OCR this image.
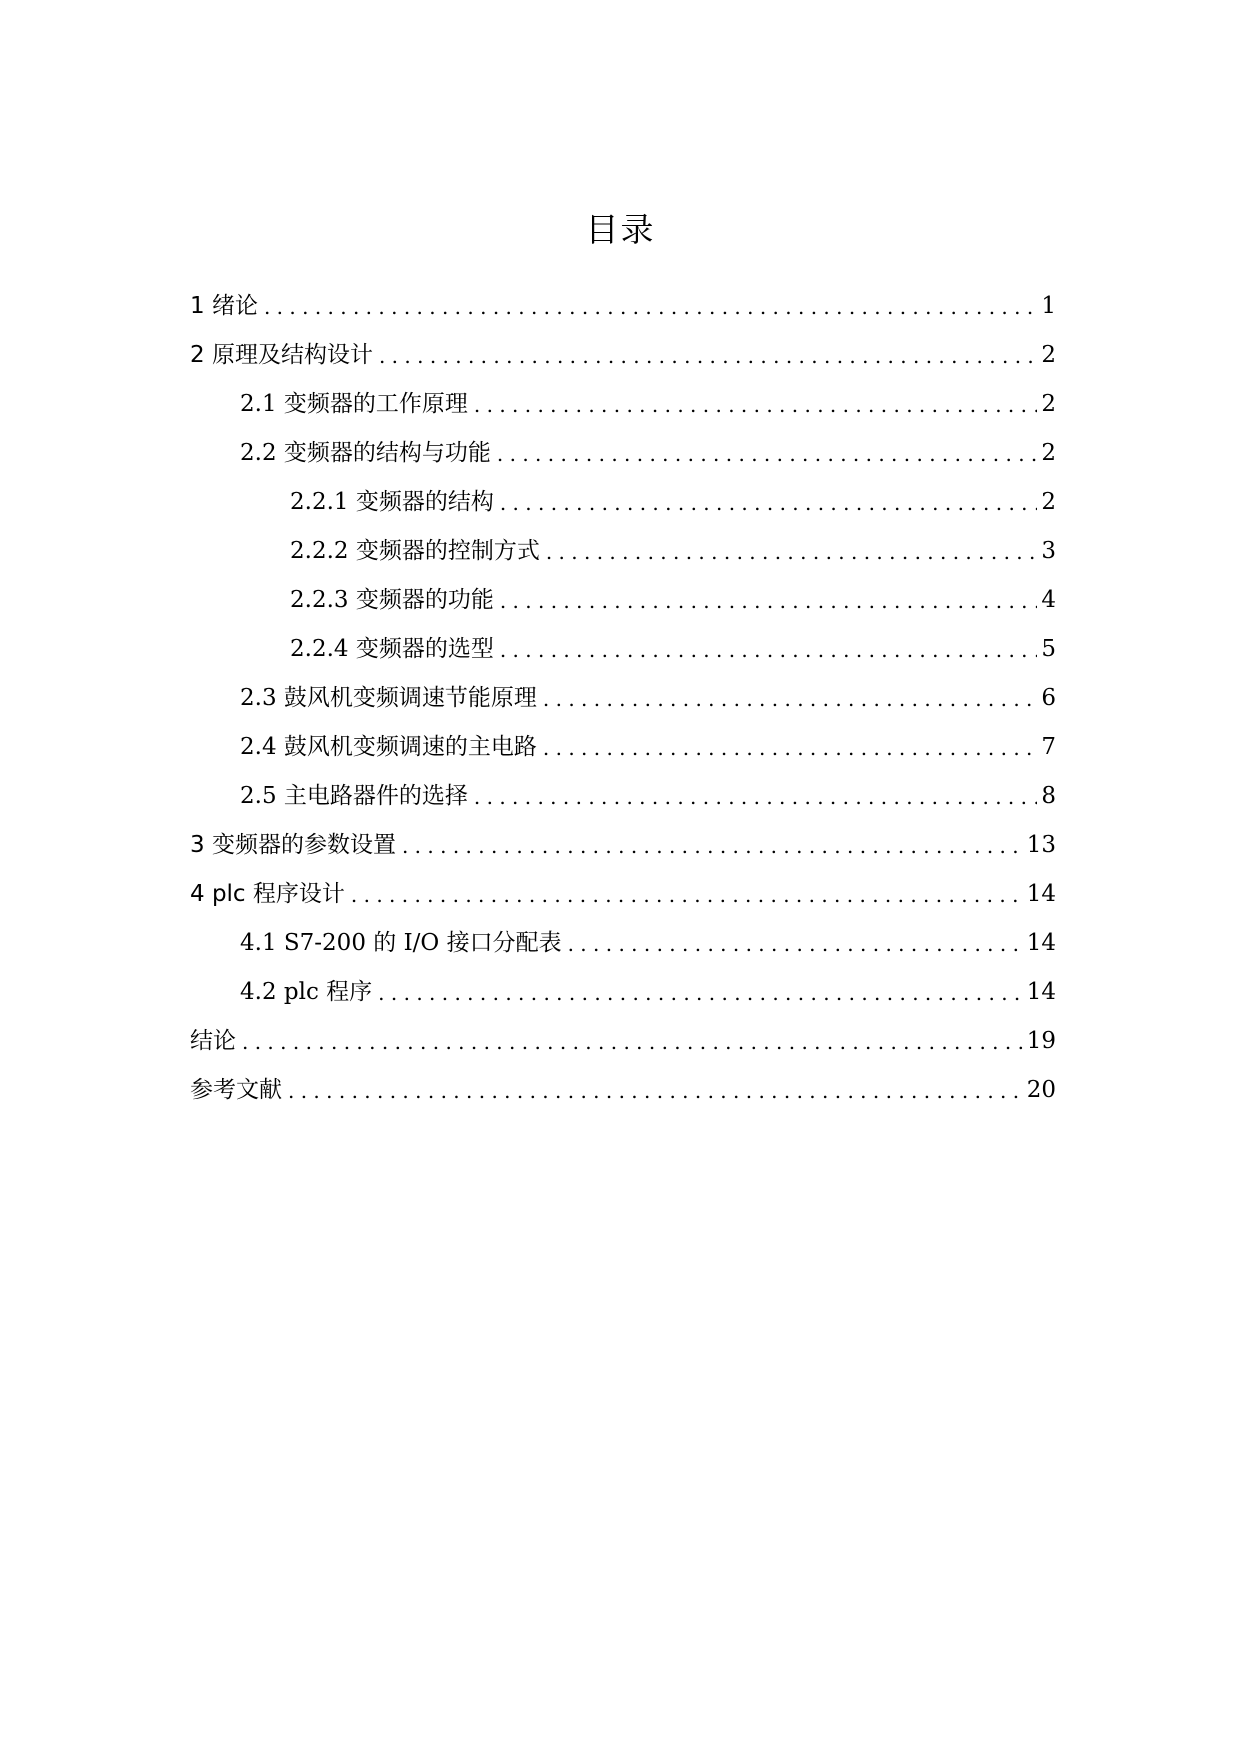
目录
1 绪论 . . .	1
2 原理及结构设计 . . .	2
2.1 变频器的工作原理 . . .	2
2.2 变频器的结构与功能 . . .	2
2.2.1 变频器的结构 . . .	2
2.2.2 变频器的控制方式 . . .	3
2.2.3 变频器的功能 . . .	4
2.2.4 变频器的选型 . . .	5
2.3 鼓风机变频调速节能原理 . . .	6
2.4 鼓风机变频调速的主电路 . . .	7
2.5 主电路器件的选择 . . .	8
3 变频器的参数设置 . . .	13
4 plc 程序设计 . . .	14
4.1 S7-200 的 I/O 接口分配表 . . .	14
4.2 plc 程序 . . .	14
结论 . . .	19
参考文献 . . .	20
